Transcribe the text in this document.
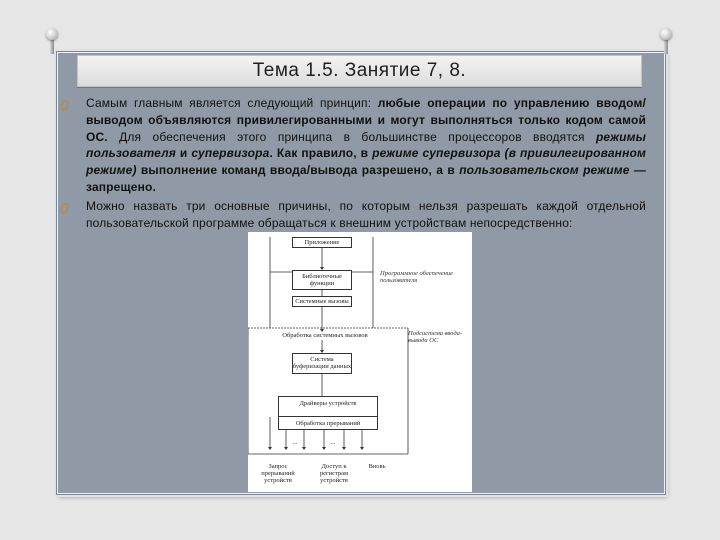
Тема 1.5. Занятие 7, 8.
Самым главным является следующий принцип: любые операции по управлению вводом/выводом объявляются привилегированными и могут выполняться только кодом самой ОС. Для обеспечения этого принципа в большинстве процессоров вводятся режимы пользователя и супервизора. Как правило, в режиме супервизора (в привилегированном режиме) выполнение команд ввода/вывода разрешено, а в пользовательском режиме — запрещено.
Можно назвать три основные причины, по которым нельзя разрешать каждой отдельной пользовательской программе обращаться к внешним устройствам непосредственно:
Приложение
Библиотечные функции
Системные вызовы
Обработка системных вызовов
Система буферизации данных
Драйверы устройств
Обработка прерываний
Программное обеспечение пользователя
Подсистема ввода-вывода ОС
...	...
Запрос прерываний устройств
Доступ к регистрам устройств
Вновь
